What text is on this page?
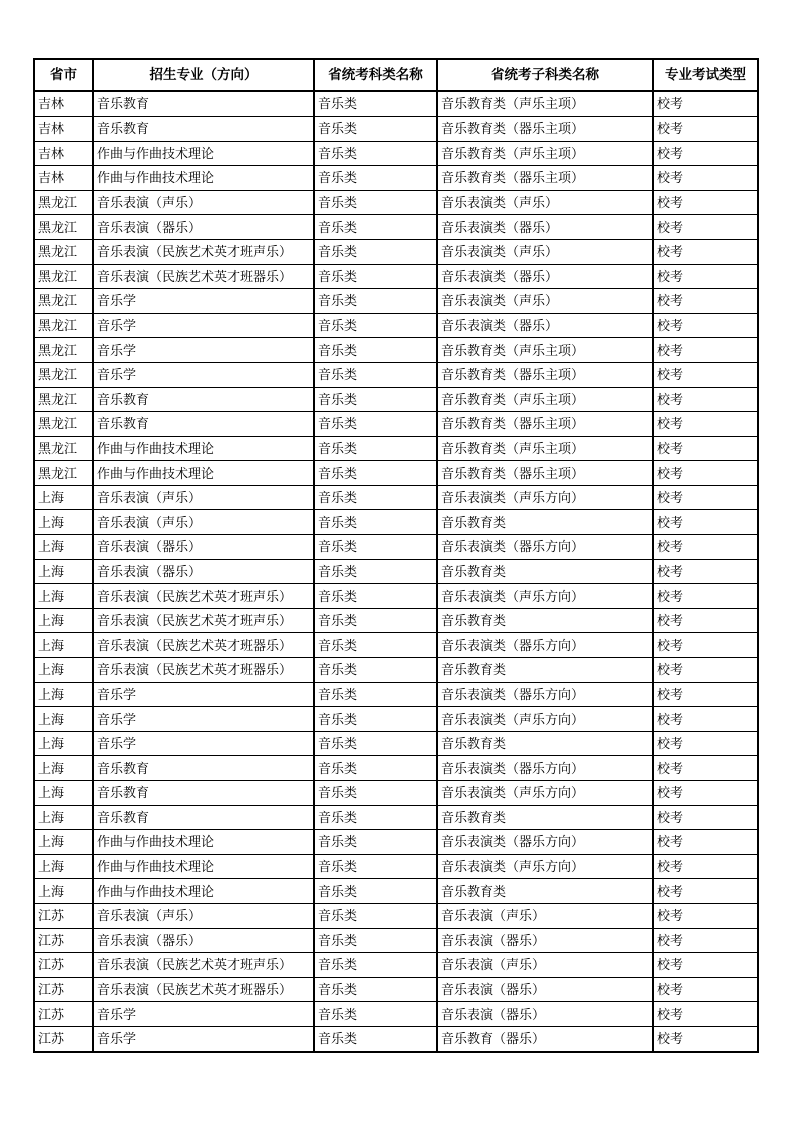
省市	招生专业（方向）	省统考科类名称	省统考子科类名称	专业考试类型
吉林	音乐教育	音乐类	音乐教育类（声乐主项）	校考
吉林	音乐教育	音乐类	音乐教育类（器乐主项）	校考
吉林	作曲与作曲技术理论	音乐类	音乐教育类（声乐主项）	校考
吉林	作曲与作曲技术理论	音乐类	音乐教育类（器乐主项）	校考
黑龙江	音乐表演（声乐）	音乐类	音乐表演类（声乐）	校考
黑龙江	音乐表演（器乐）	音乐类	音乐表演类（器乐）	校考
黑龙江	音乐表演（民族艺术英才班声乐）	音乐类	音乐表演类（声乐）	校考
黑龙江	音乐表演（民族艺术英才班器乐）	音乐类	音乐表演类（器乐）	校考
黑龙江	音乐学	音乐类	音乐表演类（声乐）	校考
黑龙江	音乐学	音乐类	音乐表演类（器乐）	校考
黑龙江	音乐学	音乐类	音乐教育类（声乐主项）	校考
黑龙江	音乐学	音乐类	音乐教育类（器乐主项）	校考
黑龙江	音乐教育	音乐类	音乐教育类（声乐主项）	校考
黑龙江	音乐教育	音乐类	音乐教育类（器乐主项）	校考
黑龙江	作曲与作曲技术理论	音乐类	音乐教育类（声乐主项）	校考
黑龙江	作曲与作曲技术理论	音乐类	音乐教育类（器乐主项）	校考
上海	音乐表演（声乐）	音乐类	音乐表演类（声乐方向）	校考
上海	音乐表演（声乐）	音乐类	音乐教育类	校考
上海	音乐表演（器乐）	音乐类	音乐表演类（器乐方向）	校考
上海	音乐表演（器乐）	音乐类	音乐教育类	校考
上海	音乐表演（民族艺术英才班声乐）	音乐类	音乐表演类（声乐方向）	校考
上海	音乐表演（民族艺术英才班声乐）	音乐类	音乐教育类	校考
上海	音乐表演（民族艺术英才班器乐）	音乐类	音乐表演类（器乐方向）	校考
上海	音乐表演（民族艺术英才班器乐）	音乐类	音乐教育类	校考
上海	音乐学	音乐类	音乐表演类（器乐方向）	校考
上海	音乐学	音乐类	音乐表演类（声乐方向）	校考
上海	音乐学	音乐类	音乐教育类	校考
上海	音乐教育	音乐类	音乐表演类（器乐方向）	校考
上海	音乐教育	音乐类	音乐表演类（声乐方向）	校考
上海	音乐教育	音乐类	音乐教育类	校考
上海	作曲与作曲技术理论	音乐类	音乐表演类（器乐方向）	校考
上海	作曲与作曲技术理论	音乐类	音乐表演类（声乐方向）	校考
上海	作曲与作曲技术理论	音乐类	音乐教育类	校考
江苏	音乐表演（声乐）	音乐类	音乐表演（声乐）	校考
江苏	音乐表演（器乐）	音乐类	音乐表演（器乐）	校考
江苏	音乐表演（民族艺术英才班声乐）	音乐类	音乐表演（声乐）	校考
江苏	音乐表演（民族艺术英才班器乐）	音乐类	音乐表演（器乐）	校考
江苏	音乐学	音乐类	音乐表演（器乐）	校考
江苏	音乐学	音乐类	音乐教育（器乐）	校考
